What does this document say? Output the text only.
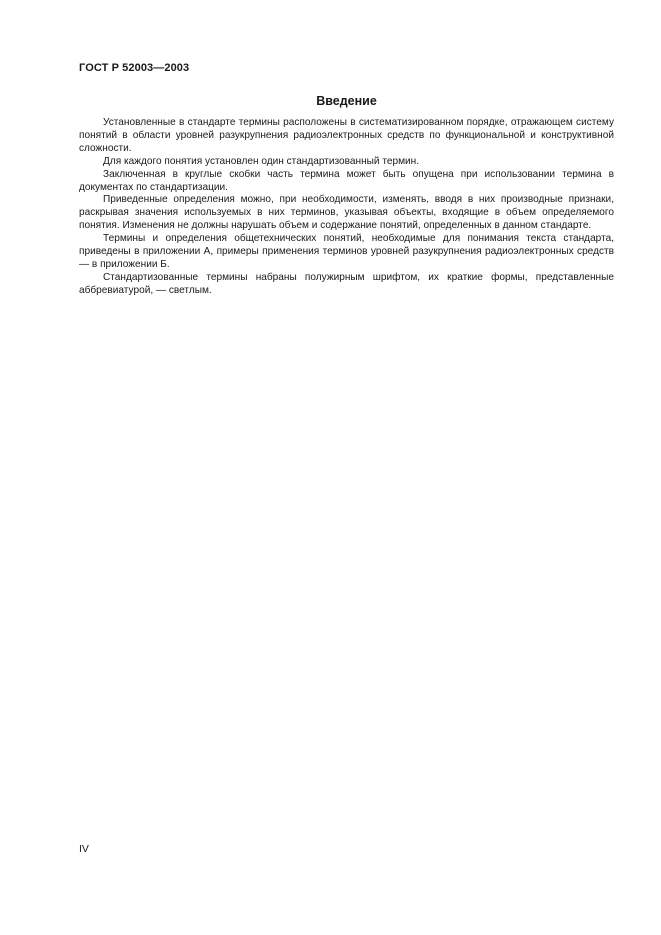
ГОСТ Р 52003—2003
Введение

Установленные в стандарте термины расположены в систематизированном порядке, отражающем систему понятий в области уровней разукрупнения радиоэлектронных средств по функциональной и конструктивной сложности.

Для каждого понятия установлен один стандартизованный термин.

Заключенная в круглые скобки часть термина может быть опущена при использовании термина в документах по стандартизации.

Приведенные определения можно, при необходимости, изменять, вводя в них производные признаки, раскрывая значения используемых в них терминов, указывая объекты, входящие в объем определяемого понятия. Изменения не должны нарушать объем и содержание понятий, определенных в данном стандарте.

Термины и определения общетехнических понятий, необходимые для понимания текста стандарта, приведены в приложении А, примеры применения терминов уровней разукрупнения радиоэлектронных средств — в приложении Б.

Стандартизованные термины набраны полужирным шрифтом, их краткие формы, представленные аббревиатурой, — светлым.

IV
